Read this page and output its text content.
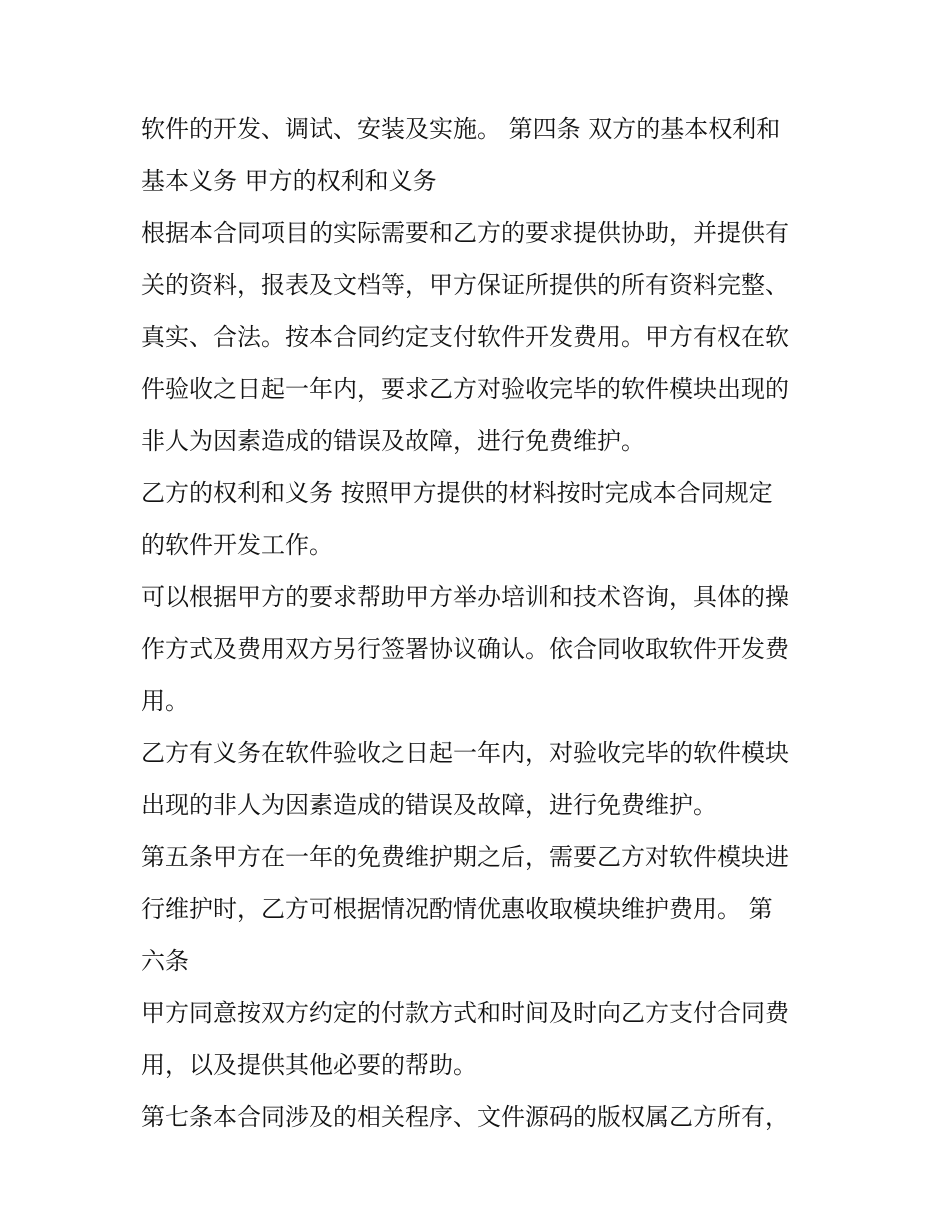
软件的开发、调试、安装及实施。 第四条 双方的基本权利和
基本义务 甲方的权利和义务
根据本合同项目的实际需要和乙方的要求提供协助，并提供有
关的资料，报表及文档等，甲方保证所提供的所有资料完整、
真实、合法。按本合同约定支付软件开发费用。甲方有权在软
件验收之日起一年内，要求乙方对验收完毕的软件模块出现的
非人为因素造成的错误及故障，进行免费维护。
乙方的权利和义务 按照甲方提供的材料按时完成本合同规定
的软件开发工作。
可以根据甲方的要求帮助甲方举办培训和技术咨询，具体的操
作方式及费用双方另行签署协议确认。依合同收取软件开发费
用。
乙方有义务在软件验收之日起一年内，对验收完毕的软件模块
出现的非人为因素造成的错误及故障，进行免费维护。
第五条甲方在一年的免费维护期之后，需要乙方对软件模块进
行维护时，乙方可根据情况酌情优惠收取模块维护费用。 第
六条
甲方同意按双方约定的付款方式和时间及时向乙方支付合同费
用，以及提供其他必要的帮助。
第七条本合同涉及的相关程序、文件源码的版权属乙方所有，
